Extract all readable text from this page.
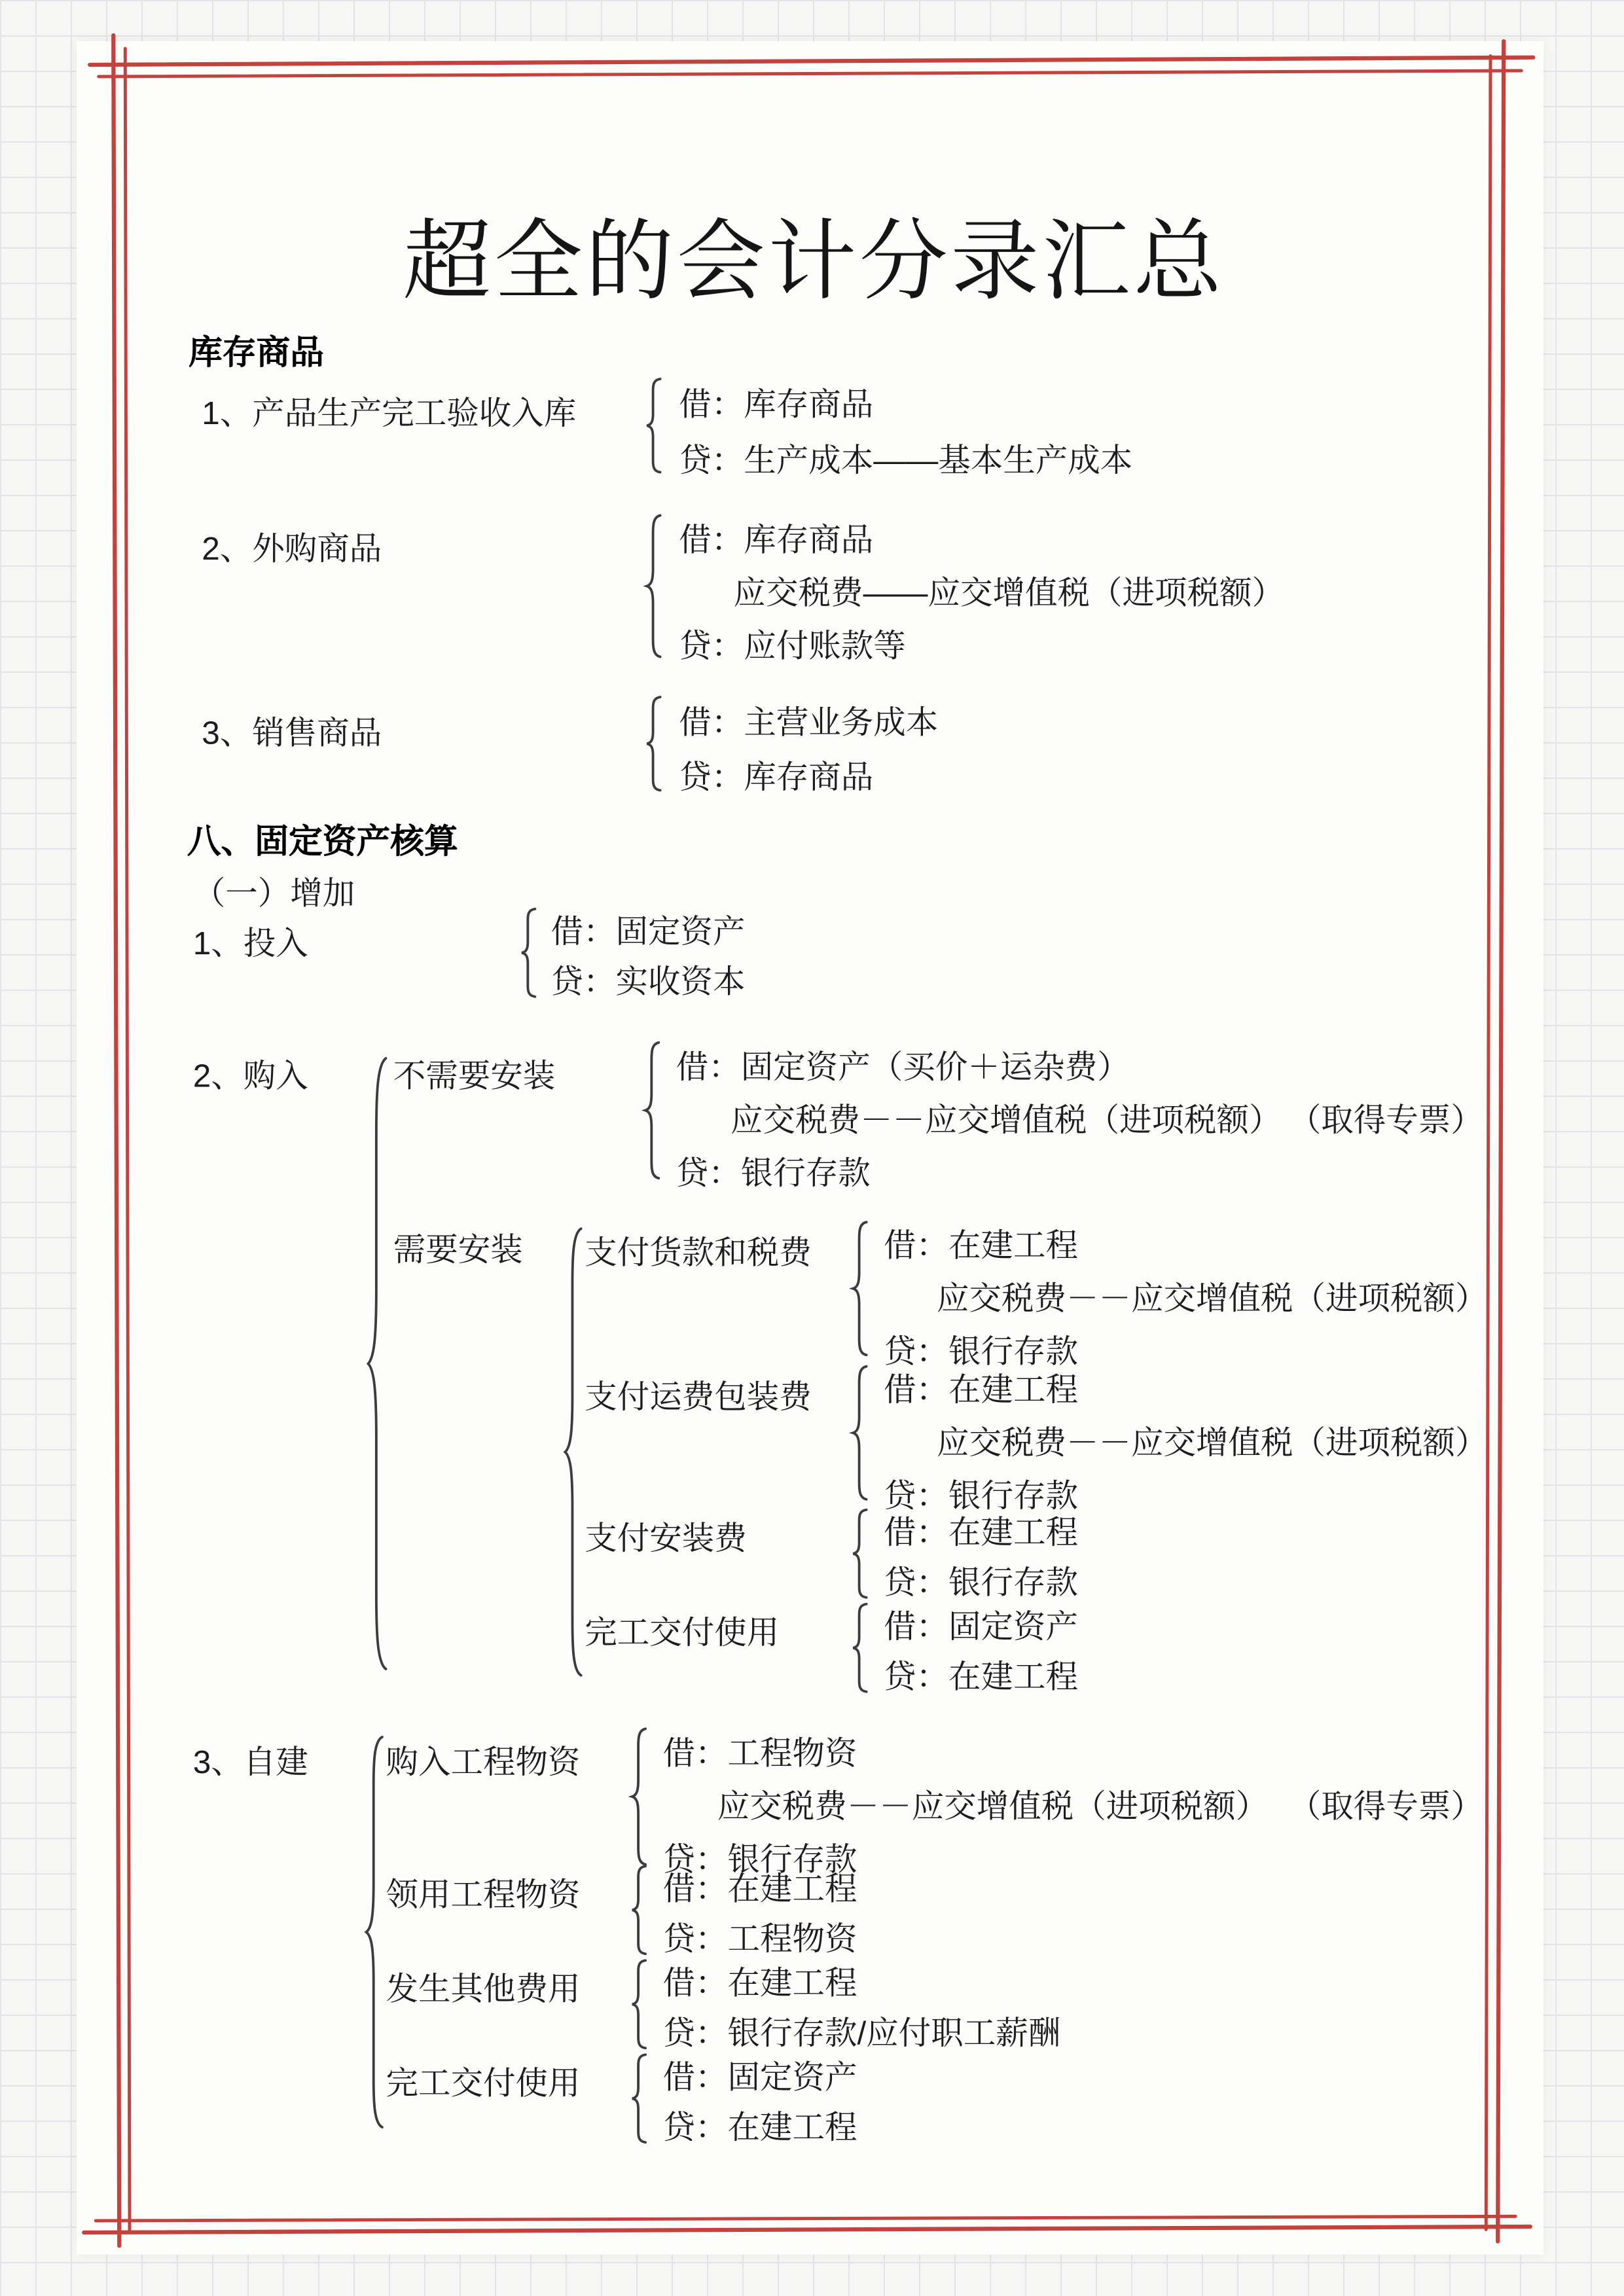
超全的会计分录汇总
库存商品
1、产品生产完工验收入库	借：库存商品
贷：生产成本——基本生产成本
2、外购商品	借：库存商品
应交税费——应交增值税（进项税额）
贷：应付账款等
3、销售商品	借：主营业务成本
贷：库存商品
八、固定资产核算
（一）增加
1、投入	借：固定资产
贷：实收资本
2、购入	不需要安装	借：固定资产（买价＋运杂费）
应交税费－－应交增值税（进项税额） （取得专票）
贷：银行存款
需要安装	支付货款和税费	借：在建工程
应交税费－－应交增值税（进项税额）
贷：银行存款
支付运费包装费	借：在建工程
应交税费－－应交增值税（进项税额）
贷：银行存款
支付安装费	借：在建工程
贷：银行存款
完工交付使用	借：固定资产
贷：在建工程
3、自建	购入工程物资	借：工程物资
应交税费－－应交增值税（进项税额） （取得专票）
贷：银行存款
领用工程物资	借：在建工程
贷：工程物资
发生其他费用	借：在建工程
贷：银行存款/应付职工薪酬
完工交付使用	借：固定资产
贷：在建工程
